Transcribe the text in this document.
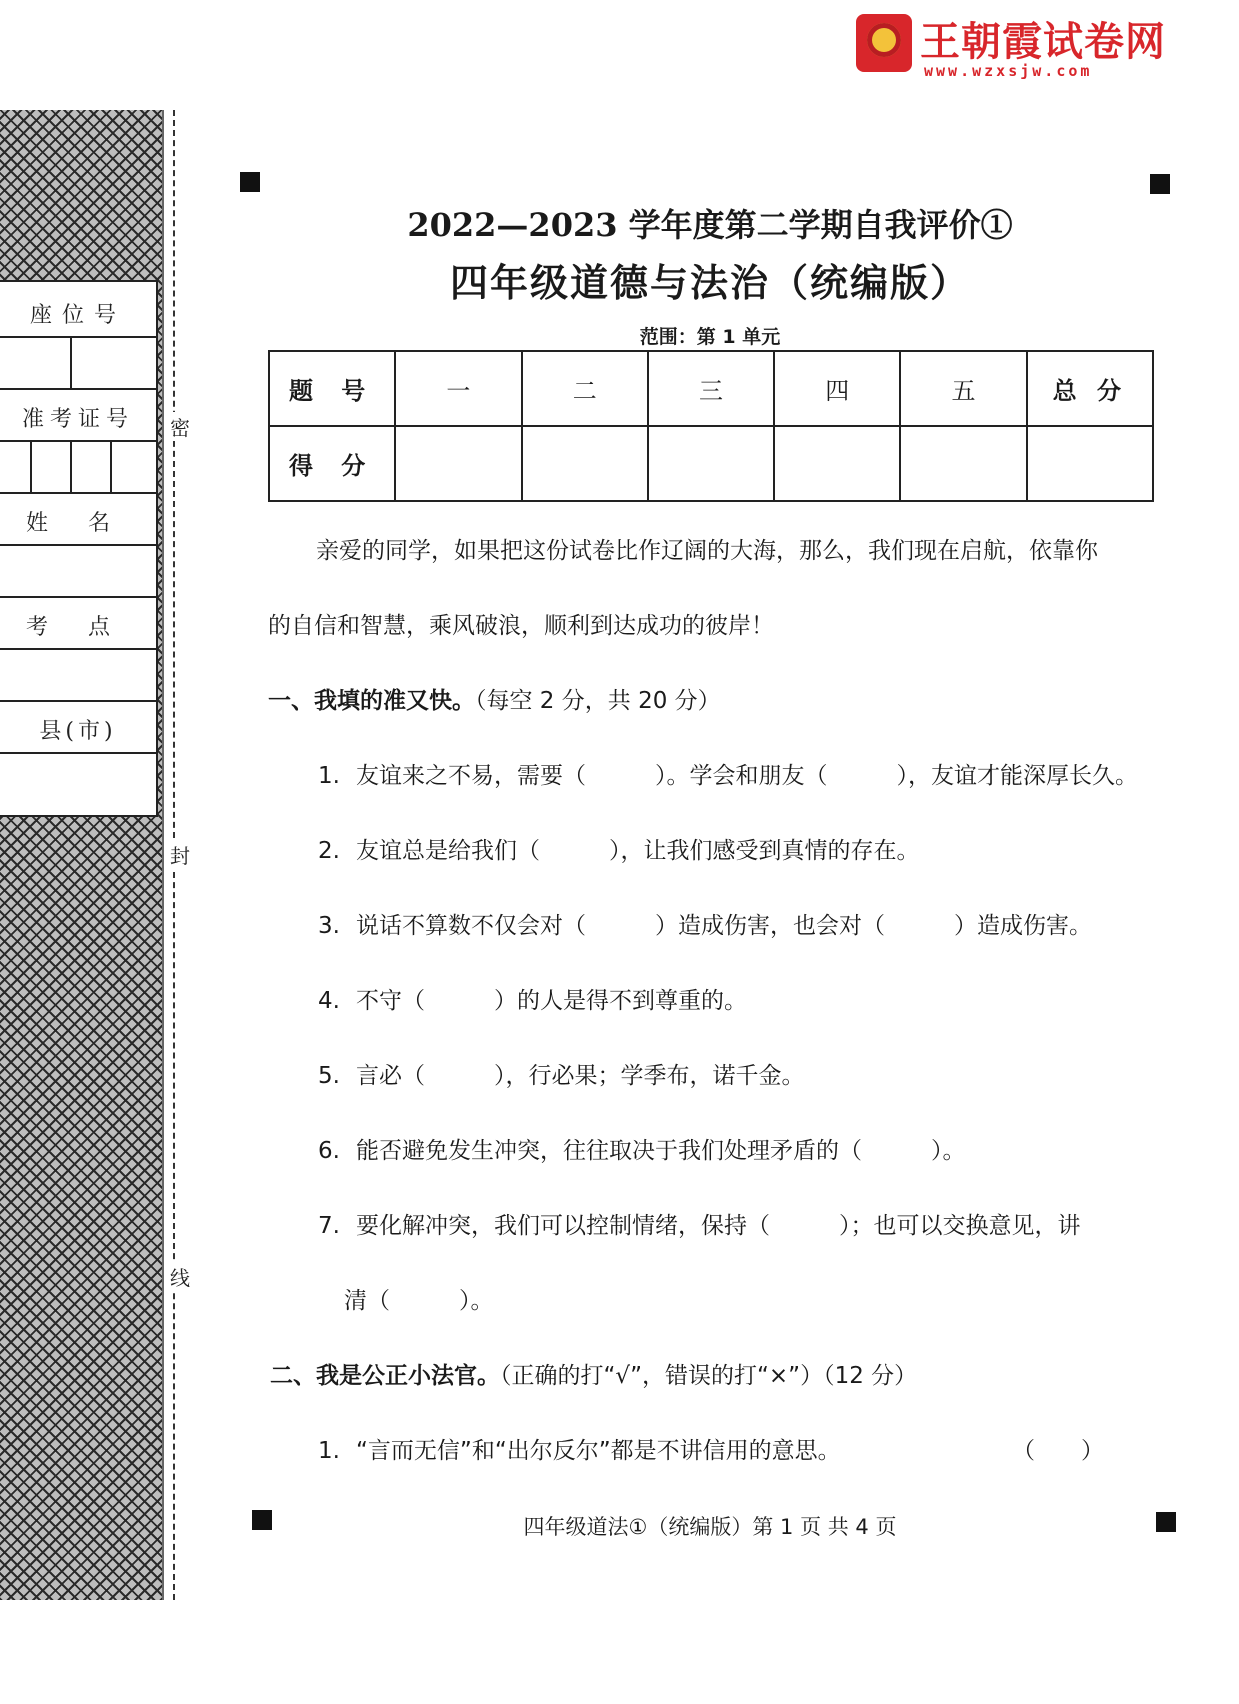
王朝霞试卷网
www.wzxsjw.com
座位号
准考证号
姓名
考点
县(市)
密
封
线
2022—2023 学年度第二学期自我评价①
四年级道德与法治（统编版）
范围：第 1 单元
题 号	一	二	三	四	五	总 分
得 分						
亲爱的同学，如果把这份试卷比作辽阔的大海，那么，我们现在启航，依靠你
的自信和智慧，乘风破浪，顺利到达成功的彼岸！
一、我填的准又快。（每空 2 分，共 20 分）
1. 友谊来之不易，需要（　　　）。学会和朋友（　　　），友谊才能深厚长久。
2. 友谊总是给我们（　　　），让我们感受到真情的存在。
3. 说话不算数不仅会对（　　　）造成伤害，也会对（　　　）造成伤害。
4. 不守（　　　）的人是得不到尊重的。
5. 言必（　　　），行必果；学季布，诺千金。
6. 能否避免发生冲突，往往取决于我们处理矛盾的（　　　）。
7. 要化解冲突，我们可以控制情绪，保持（　　　）；也可以交换意见，讲
清（　　　）。
二、我是公正小法官。（正确的打“√”，错误的打“×”）（12 分）
1. “言而无信”和“出尔反尔”都是不讲信用的意思。	（　　）
四年级道法①（统编版）第 1 页 共 4 页
